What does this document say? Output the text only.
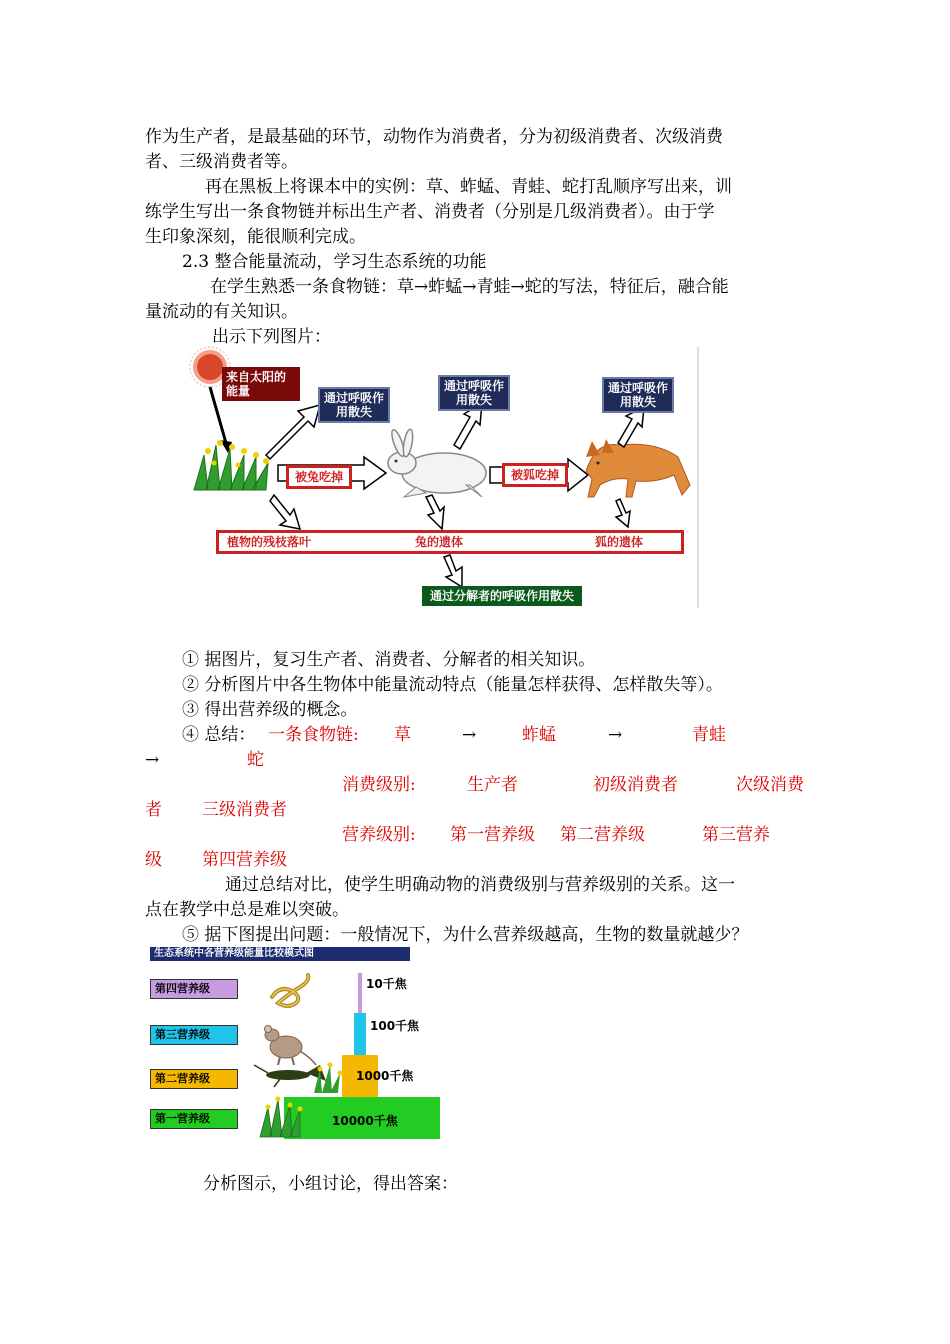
作为生产者，是最基础的环节，动物作为消费者，分为初级消费者、次级消费
者、三级消费者等。
再在黑板上将课本中的实例：草、蚱蜢、青蛙、蛇打乱顺序写出来，训
练学生写出一条食物链并标出生产者、消费者（分别是几级消费者）。由于学
生印象深刻，能很顺利完成。
2.3 整合能量流动，学习生态系统的功能
在学生熟悉一条食物链：草→蚱蜢→青蛙→蛇的写法，特征后，融合能
量流动的有关知识。
出示下列图片：
来自太阳的能量	通过呼吸作用散失
通过呼吸作用散失
通过呼吸作用散失
被兔吃掉	被狐吃掉
植物的残枝落叶	兔的遗体	狐的遗体
通过分解者的呼吸作用散失
① 据图片，复习生产者、消费者、分解者的相关知识。
② 分析图片中各生物体中能量流动特点（能量怎样获得、怎样散失等）。
③ 得出营养级的概念。
④ 总结： 一条食物链: 草	→	蚱蜢	→	青蛙
→	蛇
消费级别:	生产者	初级消费者	次级消费
者 三级消费者
营养级别: 第一营养级 第二营养级	第三营养
级 第四营养级
通过总结对比，使学生明确动物的消费级别与营养级别的关系。这一
点在教学中总是难以突破。
⑤ 据下图提出问题：一般情况下，为什么营养级越高，生物的数量就越少？
生态系统中各营养级能量比较模式图
第四营养级
第三营养级
第二营养级
第一营养级
10千焦
100千焦
1000千焦
10000千焦
分析图示，小组讨论，得出答案：
